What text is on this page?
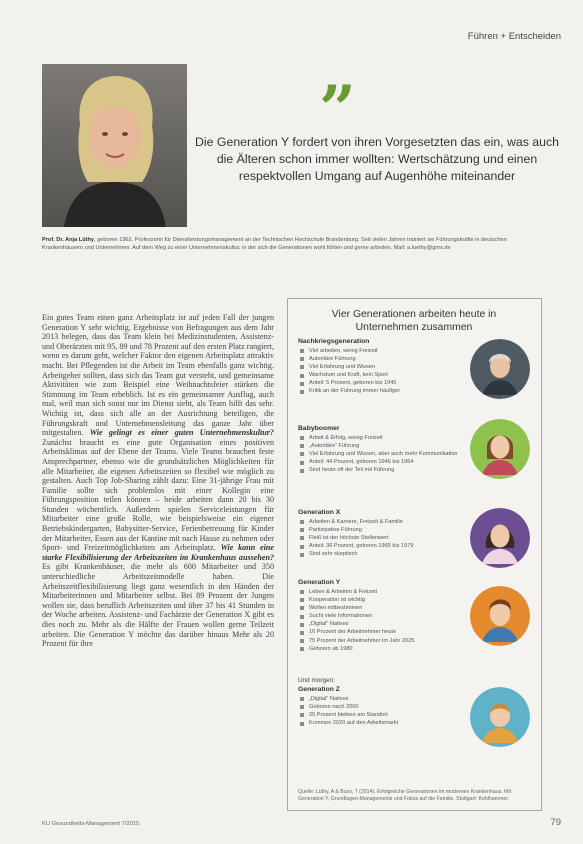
Führen + Entscheiden
”
Die Generation Y fordert von ihren Vorgesetzten das ein, was auch die Älteren schon immer wollten: Wertschätzung und einen respektvollen Umgang auf Augenhöhe miteinander
Prof. Dr. Anja Lüthy, geboren 1962, Professorin für Dienstleistungsmanagement an der Technischen Hochschule Brandenburg. Seit vielen Jahren trainiert sie Führungskräfte in deutschen Krankenhäusern und Unternehmen. Auf dem Weg zu einer Unternehmenskultur, in der sich die Generationen wohl fühlen und gerne arbeiten. Mail: a.luethy@gmx.de
Ein gutes Team einen ganz Arbeitsplatz ist auf jeden Fall der jungen Generation Y sehr wichtig. Ergebnisse von Befragungen aus dem Jahr 2013 belegen, dass das Team klein bei Medizinstudenten, Assistenz- und Oberärzten mit 95, 89 und 78 Prozent auf den ersten Platz rangiert, wenn es darum geht, welcher Faktor den eigenen Arbeitsplatz attraktiv macht. Bei Pflegenden ist die Arbeit im Team ebenfalls ganz wichtig. Arbeitgeber sollten, dass sich das Team gut versteht, und gemeinsame Aktivitäten wie zum Beispiel eine Weihnachtsfeier stärken die Stimmung im Team erheblich. Ist es ein gemeinsamer Ausflug, auch mal, weil man sich sonst nur im Dienst sieht, als Team hilft das sehr. Wichtig ist, dass sich alle an der Ausrichtung beteiligen, die Führungskraft und Unternehmensleitung das ganze Jahr über mitgestalten. Wie gelingt es einer guten Unternehmenskultur? Zunächst braucht es eine gute Organisation eines positiven Arbeitsklimas auf der Ebene der Teams. Viele Teams brauchen feste Ansprechpartner, ebenso wie die grundsätzlichen Möglichkeiten für alle Mitarbeiter, die eigenen Arbeitszeiten so flexibel wie möglich zu gestalten. Auch Top Job-Sharing zählt dazu: Eine 31-jährige Frau mit Familie sollte sich problemlos mit einer Kollegin eine Führungsposition teilen können – beide arbeiten dann 20 bis 30 Stunden wöchentlich. Außerdem spielen Serviceleistungen für Mitarbeiter eine große Rolle, wie beispielsweise ein eigener Betriebskindergarten, Babysitter-Service, Ferienbetreuung für Kinder der Mitarbeiter, Essen aus der Kantine mit nach Hause zu nehmen oder Sport- und Freizeitmöglichkeiten am Arbeitsplatz. Wie kann eine starke Flexibilisierung der Arbeitszeiten im Krankenhaus aussehen? Es gibt Krankenhäuser, die mehr als 600 Mitarbeiter und 350 unterschiedliche Arbeitszeitmodelle haben. Die Arbeitszeitflexibilisierung liegt ganz wesentlich in den Händen der Mitarbeiterinnen und Mitarbeiter selbst. Bei 89 Prozent der Jungen wollen sie, dass beruflich Arbeitszeiten und über 37 bis 41 Stunden in der Woche arbeiten. Assistenz- und Fachärzte der Generation X gibt es dies noch zu. Mehr als die Hälfte der Frauen wollen gerne Teilzeit arbeiten. Die Generation Y möchte das darüber hinaus Mehr als 20 Prozent für ihre
Vier Generationen arbeiten heute in Unternehmen zusammen
Nachkriegsgeneration
Viel arbeiten, wenig Freizeit
Autoritäre Führung
Viel Erfahrung und Wissen
Wachstum und Kraft, kein Sport
Anteil: 5 Prozent, geboren bis 1945
Kritik an der Führung immer häufiger
Babyboomer
Arbeit & Erfolg, wenig Freizeit
„Autoritäre“ Führung
Viel Erfahrung und Wissen, aber auch mehr Kommunikation
Anteil: 44 Prozent, geboren 1946 bis 1964
Sind heute oft der Teil mit Führung
Generation X
Arbeiten & Karriere, Freizeit & Familie
Partizipative Führung
Fleiß ist der höchste Stellenwert
Anteil: 36 Prozent, geboren 1965 bis 1979
Sind sehr skeptisch
Generation Y
Leben & Arbeiten & Freizeit
Kooperation ist wichtig
Wollen mitbestimmen
Sucht viele Informationen
„Digital“ Natives
16 Prozent der Arbeitnehmer heute
75 Prozent der Arbeitnehmer im Jahr 2025
Geboren ab 1980
Und morgen:
Generation Z
„Digital“ Natives
Geboren nach 2000
25 Prozent bleiben am Standort
Kommen 2020 auf den Arbeitsmarkt
Quelle: Lüthy, A & Buss, T (2014). Erfolgreiche Generationen im modernen Krankenhaus. Mit Generation Y, Grundlagen-Managements und Fokus auf die Familie. Stuttgart: Kohlhammer.
KU Gesundheits-Management 7/2015	79
